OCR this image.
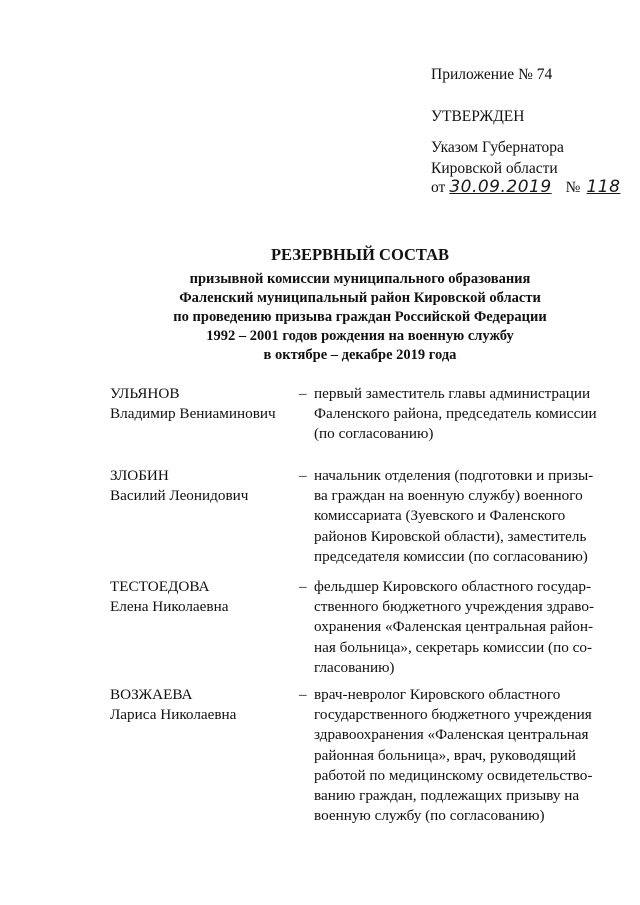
Приложение № 74
УТВЕРЖДЕН
Указом Губернатора
Кировской области
от 30.09.2019 № 118
РЕЗЕРВНЫЙ СОСТАВ
призывной комиссии муниципального образования
Фаленский муниципальный район Кировской области
по проведению призыва граждан Российской Федерации
1992 – 2001 годов рождения на военную службу
в октябре – декабре 2019 года
УЛЬЯНОВ
Владимир Вениаминович
– первый заместитель главы администрации
Фаленского района, председатель комиссии
(по согласованию)
ЗЛОБИН
Василий Леонидович
– начальник отделения (подготовки и призы-
ва граждан на военную службу) военного
комиссариата (Зуевского и Фаленского
районов Кировской области), заместитель
председателя комиссии (по согласованию)
ТЕСТОЕДОВА
Елена Николаевна
– фельдшер Кировского областного государ-
ственного бюджетного учреждения здраво-
охранения «Фаленская центральная район-
ная больница», секретарь комиссии (по со-
гласованию)
ВОЗЖАЕВА
Лариса Николаевна
– врач-невролог Кировского областного
государственного бюджетного учреждения
здравоохранения «Фаленская центральная
районная больница», врач, руководящий
работой по медицинскому освидетельство-
ванию граждан, подлежащих призыву на
военную службу (по согласованию)
